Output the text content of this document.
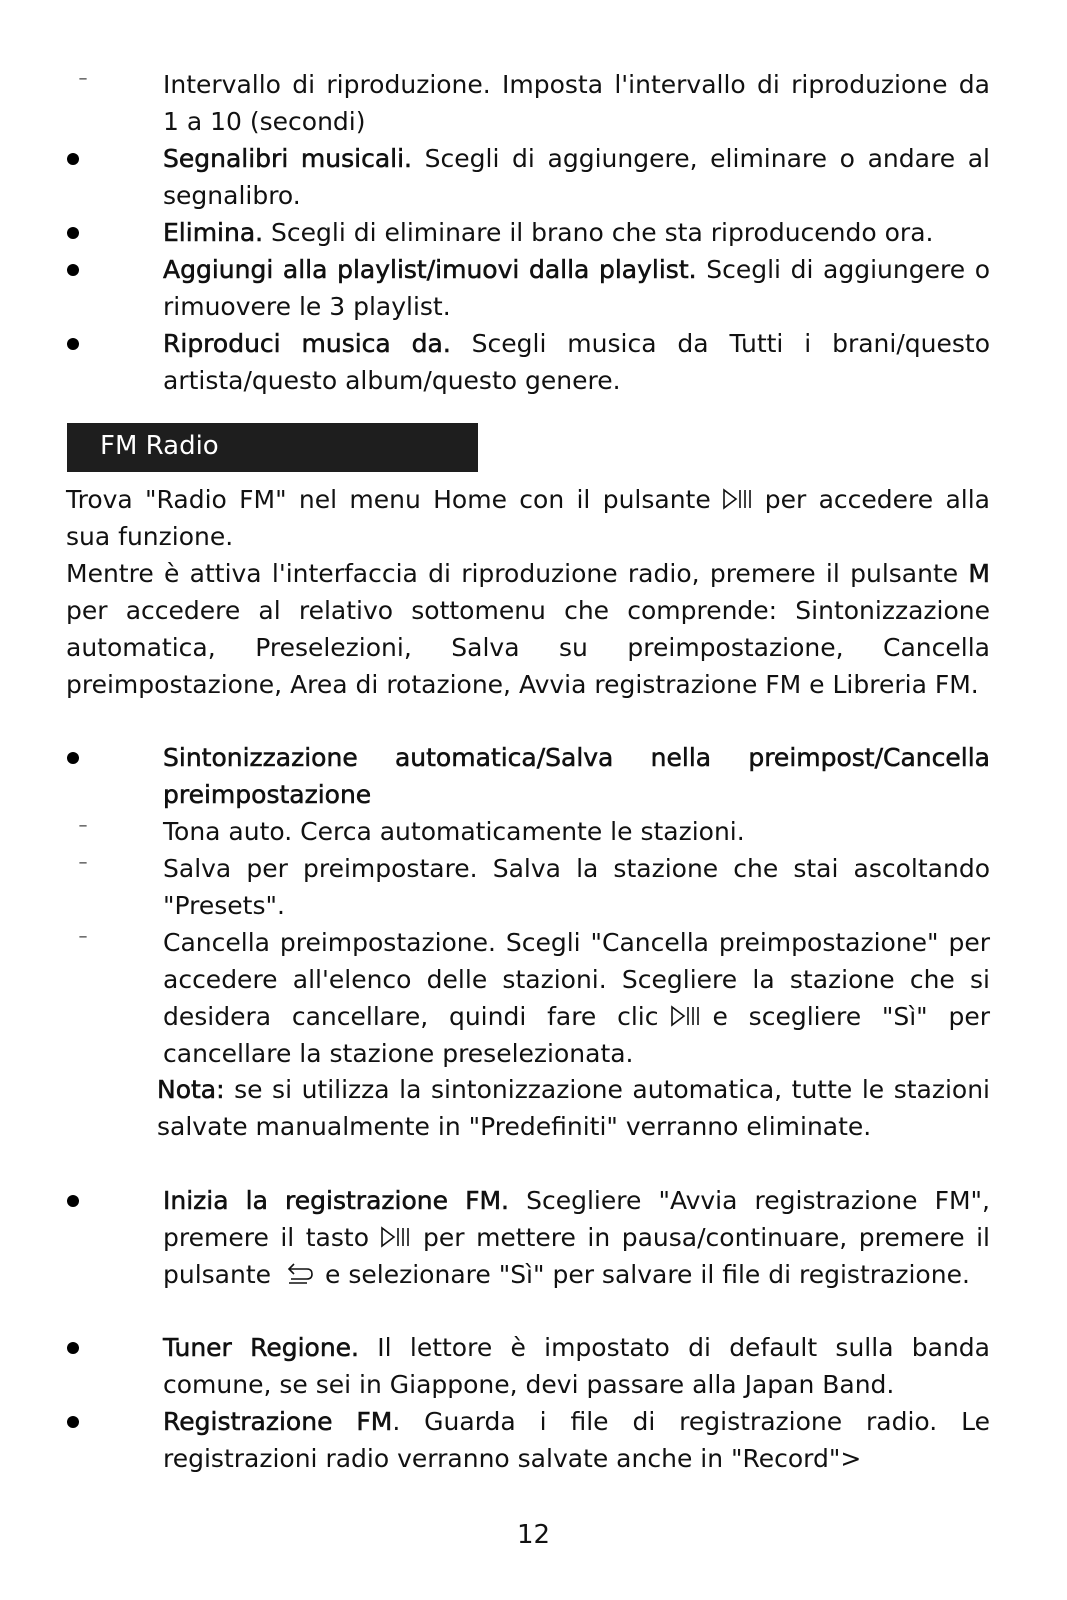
–	Intervallo di riproduzione. Imposta l'intervallo di riproduzione da 1 a 10 (secondi)
Segnalibri musicali. Scegli di aggiungere, eliminare o andare al segnalibro.
Elimina. Scegli di eliminare il brano che sta riproducendo ora.
Aggiungi alla playlist/imuovi dalla playlist. Scegli di aggiungere o rimuovere le 3 playlist.
Riproduci musica da. Scegli musica da Tutti i brani/questo artista/questo album/questo genere.
FM Radio
Trova "Radio FM" nel menu Home con il pulsante per accedere alla sua funzione.
Mentre è attiva l'interfaccia di riproduzione radio, premere il pulsante M per accedere al relativo sottomenu che comprende: Sintonizzazione automatica, Preselezioni, Salva su preimpostazione, Cancella preimpostazione, Area di rotazione, Avvia registrazione FM e Libreria FM.
Sintonizzazione automatica/Salva nella preimpost/Cancella preimpostazione
–	Tona auto. Cerca automaticamente le stazioni.
–	Salva per preimpostare. Salva la stazione che stai ascoltando "Presets".
–	Cancella preimpostazione. Scegli "Cancella preimpostazione" per accedere all'elenco delle stazioni. Scegliere la stazione che si desidera cancellare, quindi fare clic e scegliere "Sì" per cancellare la stazione preselezionata.
Nota: se si utilizza la sintonizzazione automatica, tutte le stazioni salvate manualmente in "Predefiniti" verranno eliminate.
Inizia la registrazione FM. Scegliere "Avvia registrazione FM", premere il tasto per mettere in pausa/continuare, premere il pulsante e selezionare "Sì" per salvare il file di registrazione.
Tuner Regione. Il lettore è impostato di default sulla banda comune, se sei in Giappone, devi passare alla Japan Band.
Registrazione FM. Guarda i file di registrazione radio. Le registrazioni radio verranno salvate anche in "Record">
12
